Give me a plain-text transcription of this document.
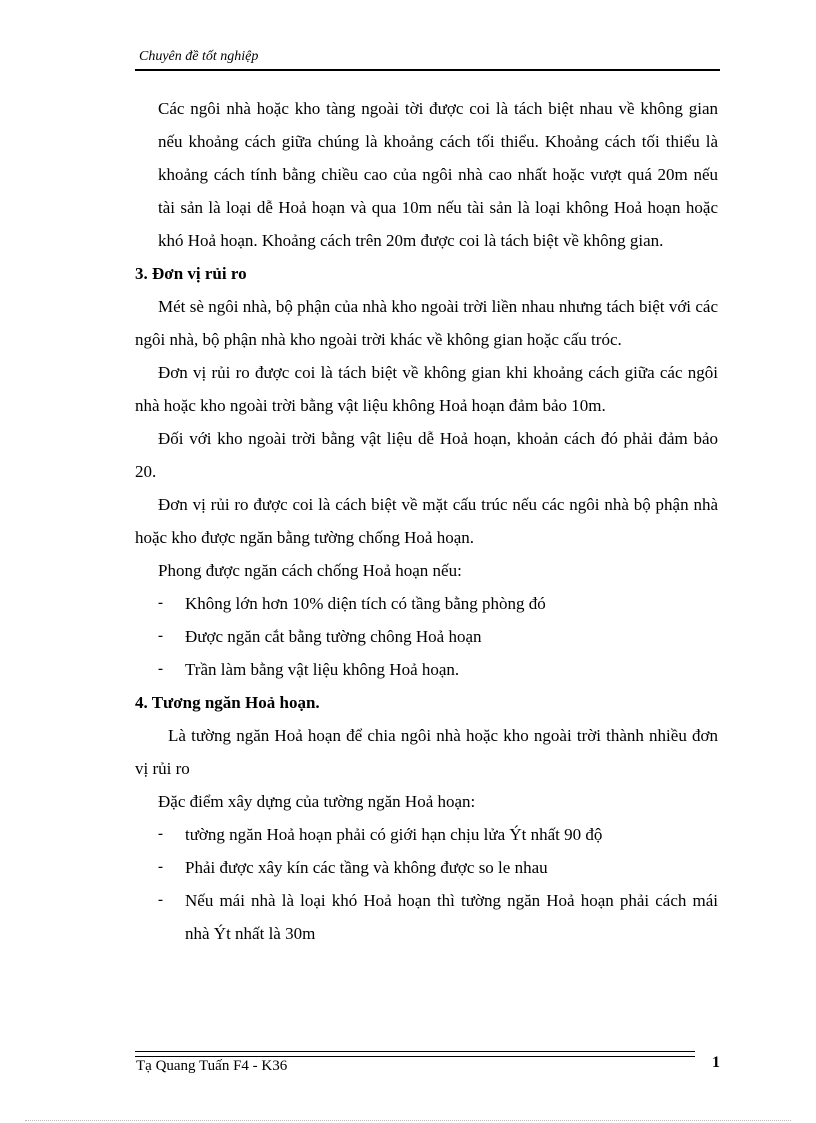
Chuyên đề tốt nghiệp

Các ngôi nhà hoặc kho tàng ngoài tời được coi là tách biệt nhau về không gian nếu khoảng cách giữa chúng là khoảng cách tối thiểu. Khoảng cách tối thiểu là khoảng cách tính bằng chiều cao của ngôi nhà cao nhất hoặc vượt quá 20m nếu tài sản là loại dễ Hoả hoạn và qua 10m nếu tài sản là loại không Hoả hoạn hoặc khó Hoả hoạn. Khoảng cách trên 20m được coi là tách biệt về không gian.

3. Đơn vị rủi ro

Mét sè ngôi nhà, bộ phận của nhà kho ngoài trời liền nhau nhưng tách biệt với các ngôi nhà, bộ phận nhà kho ngoài trời khác về không gian hoặc cấu tróc.

Đơn vị rủi ro được coi là tách biệt về không gian khi khoảng cách giữa các ngôi nhà hoặc kho ngoài trời bằng vật liệu không Hoả hoạn đảm bảo 10m.

Đối với kho ngoài trời bằng vật liệu dễ Hoả hoạn, khoản cách đó phải đảm bảo 20.

Đơn vị rủi ro được coi là cách biệt về mặt cấu trúc nếu các ngôi nhà bộ phận nhà hoặc kho được ngăn bằng tường chống Hoả hoạn.

Phong được ngăn cách chống Hoả hoạn nếu:

- Không lớn hơn 10% diện tích có tầng bằng phòng đó

- Được ngăn cắt bằng tường chông Hoả hoạn

- Trần làm bằng vật liệu không Hoả hoạn.

4. Tương ngăn Hoả hoạn.

Là tường ngăn Hoả hoạn để chia ngôi nhà hoặc kho ngoài trời thành nhiều đơn vị rủi ro

Đặc điểm xây dựng của tường ngăn Hoả hoạn:

- tường ngăn Hoả hoạn phải có giới hạn chịu lửa Ýt nhất 90 độ

- Phải được xây kín các tầng và không được so le nhau

- Nếu mái nhà là loại khó Hoả hoạn thì tường ngăn Hoả hoạn phải cách mái nhà Ýt nhất là 30m

Tạ Quang Tuấn F4 - K36	1
